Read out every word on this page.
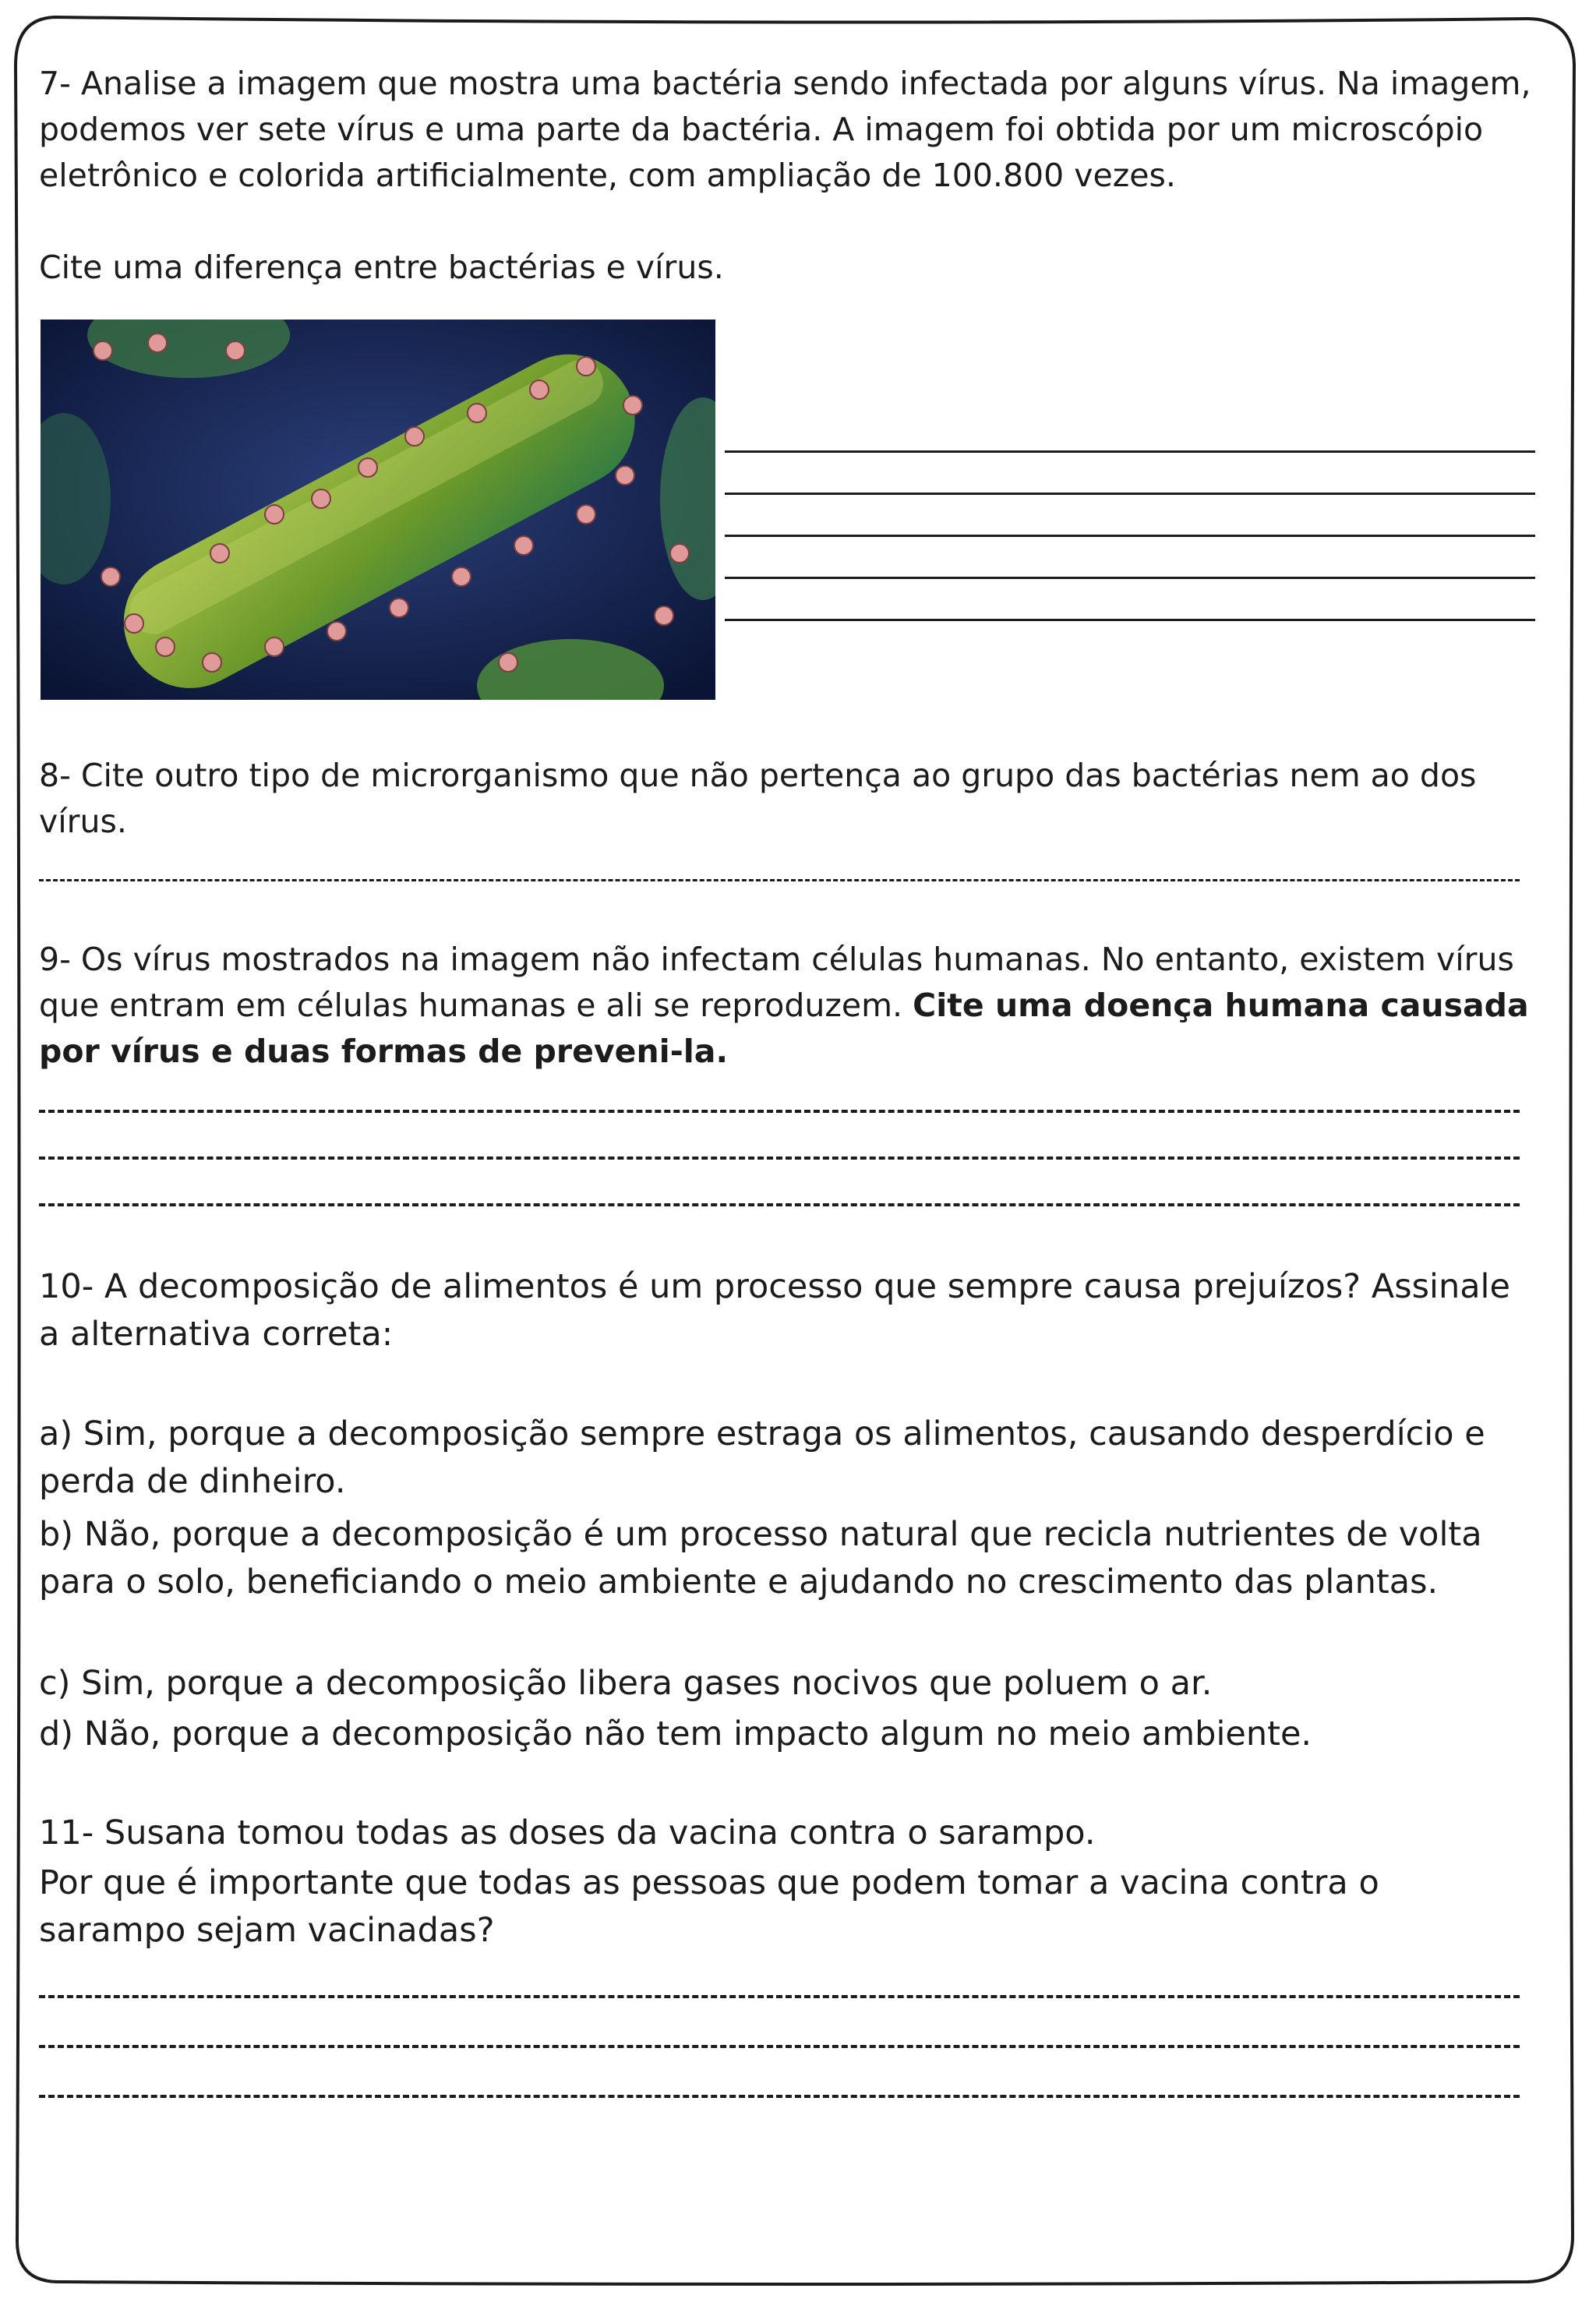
7- Analise a imagem que mostra uma bactéria sendo infectada por alguns vírus. Na imagem, podemos ver sete vírus e uma parte da bactéria. A imagem foi obtida por um microscópio eletrônico e colorida artificialmente, com ampliação de 100.800 vezes.

Cite uma diferença entre bactérias e vírus.

8- Cite outro tipo de microrganismo que não pertença ao grupo das bactérias nem ao dos vírus.

9- Os vírus mostrados na imagem não infectam células humanas. No entanto, existem vírus que entram em células humanas e ali se reproduzem. Cite uma doença humana causada por vírus e duas formas de preveni-la.

10- A decomposição de alimentos é um processo que sempre causa prejuízos? Assinale a alternativa correta:

a) Sim, porque a decomposição sempre estraga os alimentos, causando desperdício e perda de dinheiro.

b) Não, porque a decomposição é um processo natural que recicla nutrientes de volta para o solo, beneficiando o meio ambiente e ajudando no crescimento das plantas.

c) Sim, porque a decomposição libera gases nocivos que poluem o ar.

d) Não, porque a decomposição não tem impacto algum no meio ambiente.

11- Susana tomou todas as doses da vacina contra o sarampo.

Por que é importante que todas as pessoas que podem tomar a vacina contra o sarampo sejam vacinadas?
